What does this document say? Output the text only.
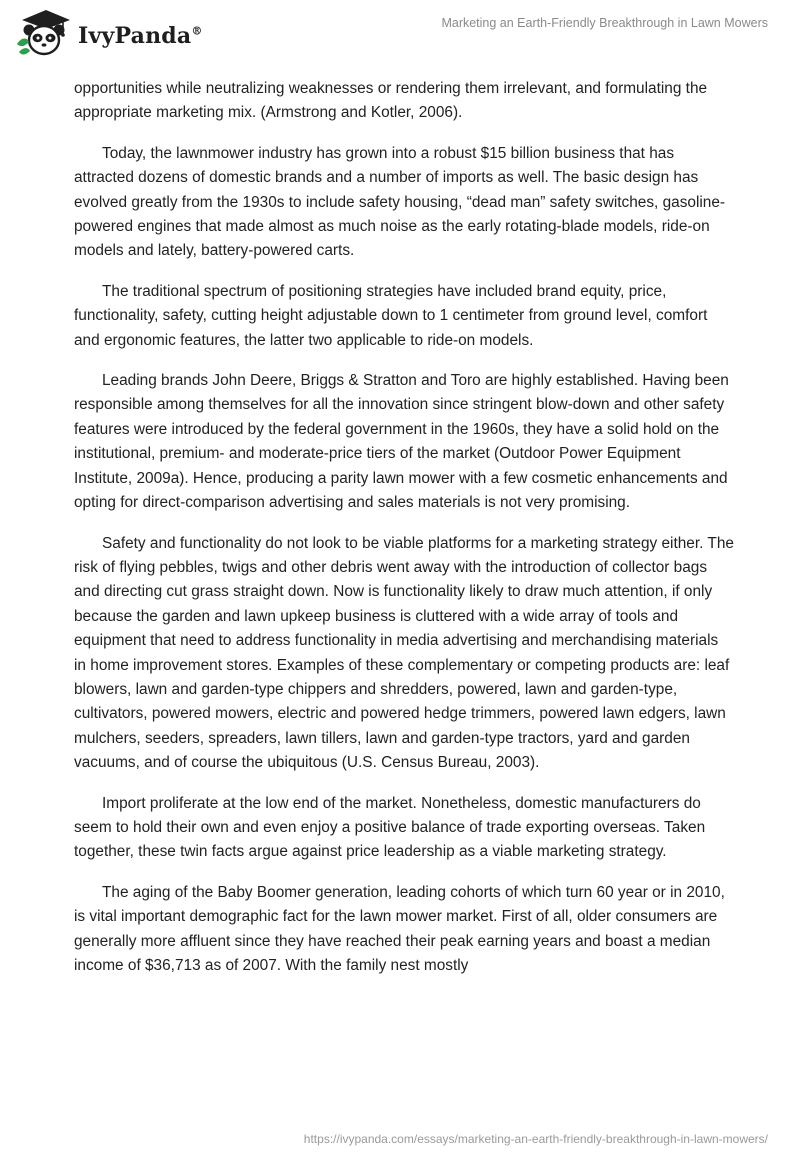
IvyPanda®
Marketing an Earth-Friendly Breakthrough in Lawn Mowers

opportunities while neutralizing weaknesses or rendering them irrelevant, and formulating the appropriate marketing mix. (Armstrong and Kotler, 2006).

Today, the lawnmower industry has grown into a robust $15 billion business that has attracted dozens of domestic brands and a number of imports as well. The basic design has evolved greatly from the 1930s to include safety housing, “dead man” safety switches, gasoline-powered engines that made almost as much noise as the early rotating-blade models, ride-on models and lately, battery-powered carts.

The traditional spectrum of positioning strategies have included brand equity, price, functionality, safety, cutting height adjustable down to 1 centimeter from ground level, comfort and ergonomic features, the latter two applicable to ride-on models.

Leading brands John Deere, Briggs & Stratton and Toro are highly established. Having been responsible among themselves for all the innovation since stringent blow-down and other safety features were introduced by the federal government in the 1960s, they have a solid hold on the institutional, premium- and moderate-price tiers of the market (Outdoor Power Equipment Institute, 2009a). Hence, producing a parity lawn mower with a few cosmetic enhancements and opting for direct-comparison advertising and sales materials is not very promising.

Safety and functionality do not look to be viable platforms for a marketing strategy either. The risk of flying pebbles, twigs and other debris went away with the introduction of collector bags and directing cut grass straight down. Now is functionality likely to draw much attention, if only because the garden and lawn upkeep business is cluttered with a wide array of tools and equipment that need to address functionality in media advertising and merchandising materials in home improvement stores. Examples of these complementary or competing products are: leaf blowers, lawn and garden-type chippers and shredders, powered, lawn and garden-type, cultivators, powered mowers, electric and powered hedge trimmers, powered lawn edgers, lawn mulchers, seeders, spreaders, lawn tillers, lawn and garden-type tractors, yard and garden vacuums, and of course the ubiquitous (U.S. Census Bureau, 2003).

Import proliferate at the low end of the market. Nonetheless, domestic manufacturers do seem to hold their own and even enjoy a positive balance of trade exporting overseas. Taken together, these twin facts argue against price leadership as a viable marketing strategy.

The aging of the Baby Boomer generation, leading cohorts of which turn 60 year or in 2010, is vital important demographic fact for the lawn mower market. First of all, older consumers are generally more affluent since they have reached their peak earning years and boast a median income of $36,713 as of 2007. With the family nest mostly

https://ivypanda.com/essays/marketing-an-earth-friendly-breakthrough-in-lawn-mowers/
